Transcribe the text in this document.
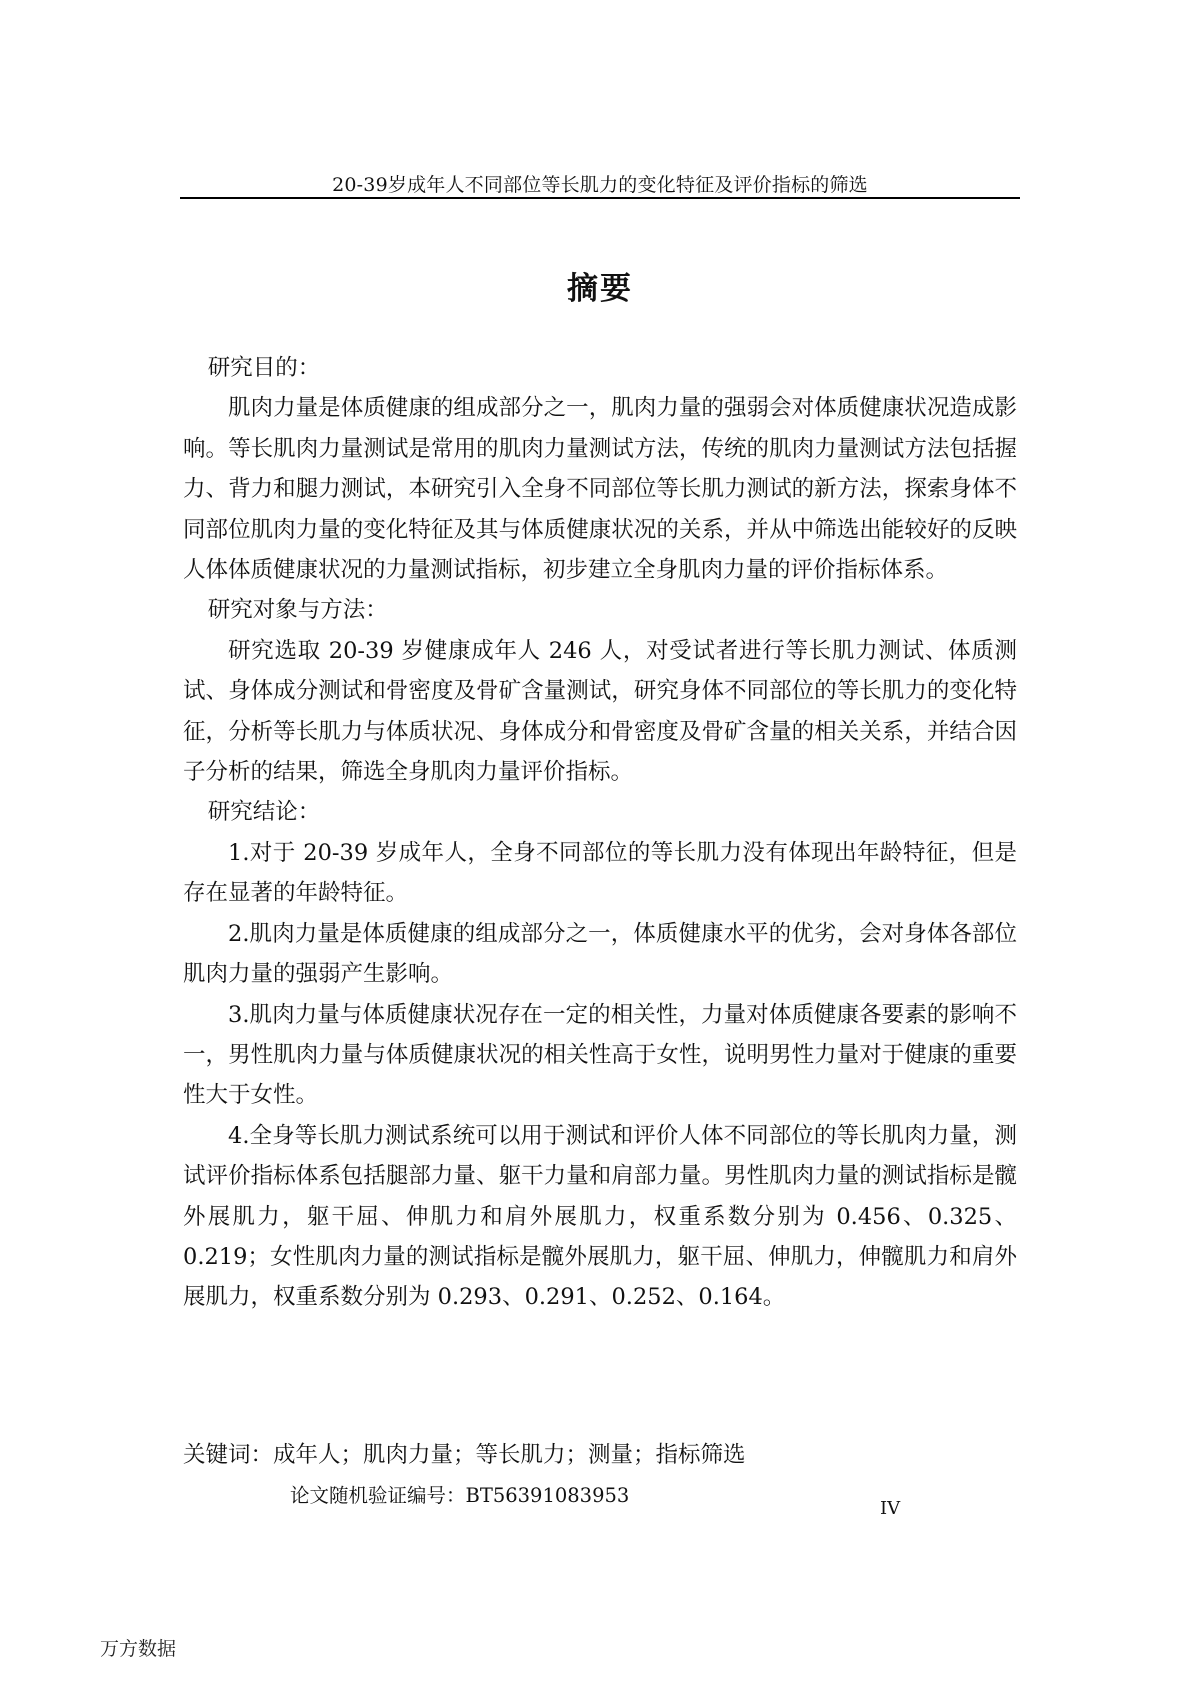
20-39岁成年人不同部位等长肌力的变化特征及评价指标的筛选
摘要

研究目的：

肌肉力量是体质健康的组成部分之一，肌肉力量的强弱会对体质健康状况造成影响。等长肌肉力量测试是常用的肌肉力量测试方法，传统的肌肉力量测试方法包括握力、背力和腿力测试，本研究引入全身不同部位等长肌力测试的新方法，探索身体不同部位肌肉力量的变化特征及其与体质健康状况的关系，并从中筛选出能较好的反映人体体质健康状况的力量测试指标，初步建立全身肌肉力量的评价指标体系。

研究对象与方法：

研究选取 20-39 岁健康成年人 246 人，对受试者进行等长肌力测试、体质测试、身体成分测试和骨密度及骨矿含量测试，研究身体不同部位的等长肌力的变化特征，分析等长肌力与体质状况、身体成分和骨密度及骨矿含量的相关关系，并结合因子分析的结果，筛选全身肌肉力量评价指标。

研究结论：

1.对于 20-39 岁成年人，全身不同部位的等长肌力没有体现出年龄特征，但是存在显著的年龄特征。

2.肌肉力量是体质健康的组成部分之一，体质健康水平的优劣，会对身体各部位肌肉力量的强弱产生影响。

3.肌肉力量与体质健康状况存在一定的相关性，力量对体质健康各要素的影响不一，男性肌肉力量与体质健康状况的相关性高于女性，说明男性力量对于健康的重要性大于女性。

4.全身等长肌力测试系统可以用于测试和评价人体不同部位的等长肌肉力量，测试评价指标体系包括腿部力量、躯干力量和肩部力量。男性肌肉力量的测试指标是髋外展肌力，躯干屈、伸肌力和肩外展肌力，权重系数分别为 0.456、0.325、0.219；女性肌肉力量的测试指标是髋外展肌力，躯干屈、伸肌力，伸髋肌力和肩外展肌力，权重系数分别为 0.293、0.291、0.252、0.164。

关键词：成年人；肌肉力量；等长肌力；测量；指标筛选
论文随机验证编号：BT56391083953
IV
万方数据
